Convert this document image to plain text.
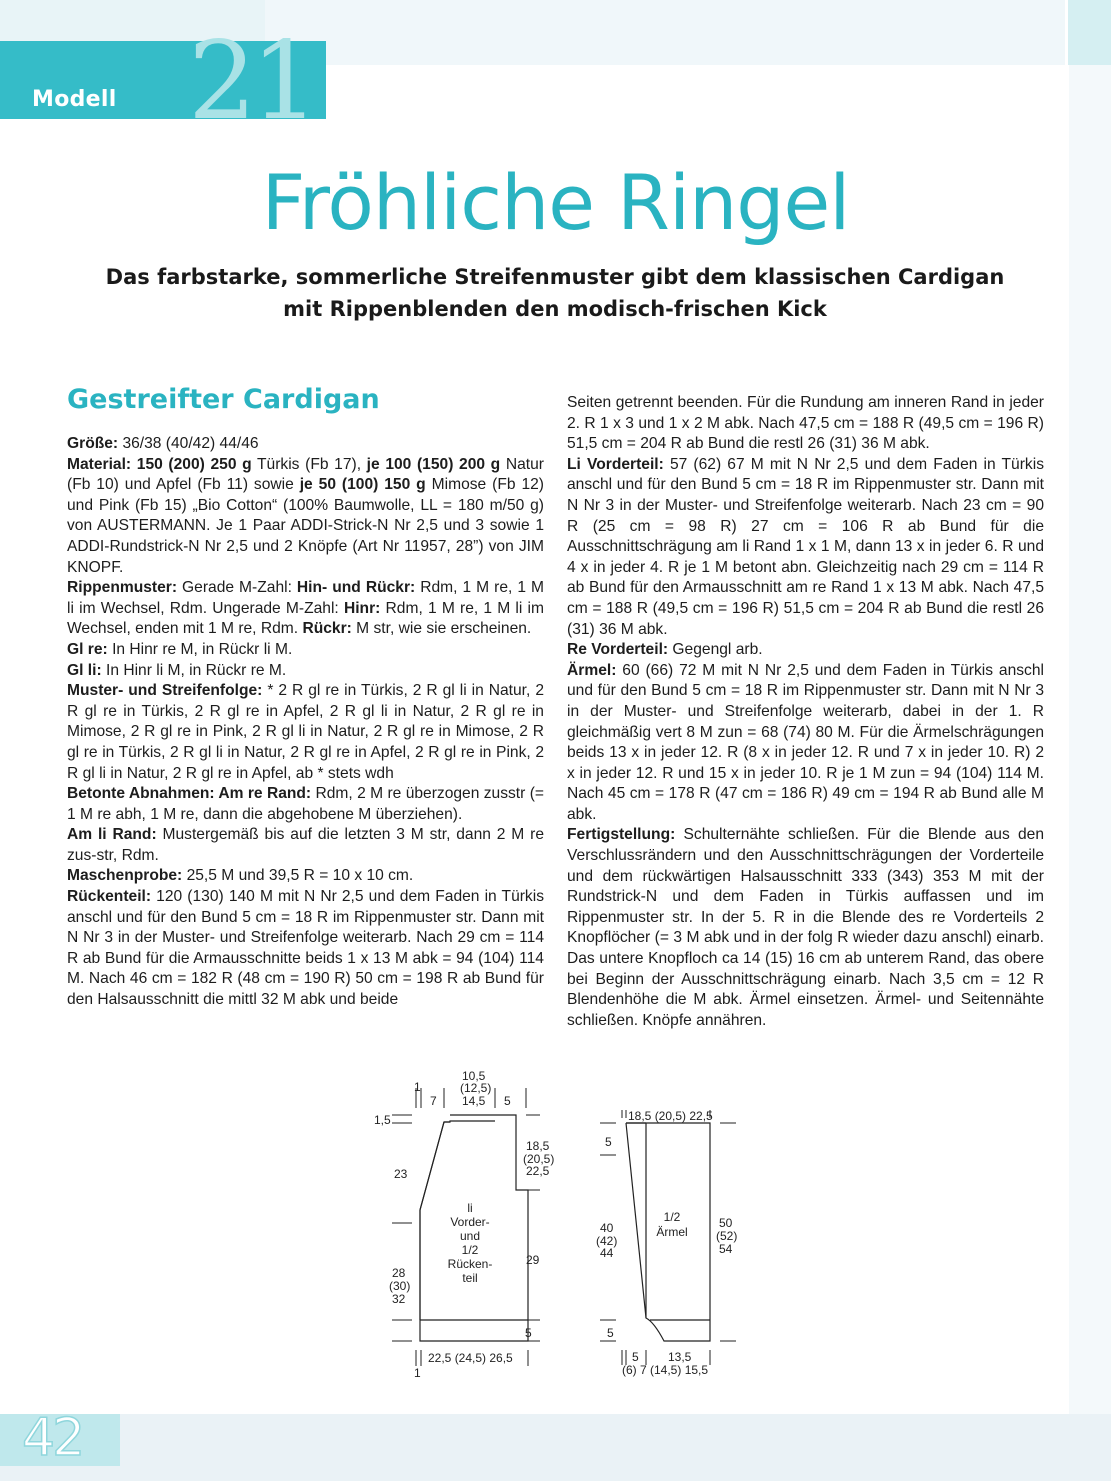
21
Modell
Fröhliche Ringel
Das farbstarke, sommerliche Streifenmuster gibt dem klassischen Cardigan
mit Rippenblenden den modisch-frischen Kick
Gestreifter Cardigan

Größe: 36/38 (40/42) 44/46

Material: 150 (200) 250 g Türkis (Fb 17), je 100 (150) 200 g Natur (Fb 10) und Apfel (Fb 11) sowie je 50 (100) 150 g Mimose (Fb 12) und Pink (Fb 15) „Bio Cotton“ (100% Baumwolle, LL = 180 m/50 g) von AUSTERMANN. Je 1 Paar ADDI-Strick-N Nr 2,5 und 3 sowie 1 ADDI-Rundstrick-N Nr 2,5 und 2 Knöpfe (Art Nr 11957, 28”) von JIM KNOPF.

Rippenmuster: Gerade M-Zahl: Hin- und Rückr: Rdm, 1 M re, 1 M li im Wechsel, Rdm. Ungerade M-Zahl: Hinr: Rdm, 1 M re, 1 M li im Wechsel, enden mit 1 M re, Rdm. Rückr: M str, wie sie erscheinen.

Gl re: In Hinr re M, in Rückr li M.

Gl li: In Hinr li M, in Rückr re M.

Muster- und Streifenfolge: * 2 R gl re in Türkis, 2 R gl li in Natur, 2 R gl re in Türkis, 2 R gl re in Apfel, 2 R gl li in Natur, 2 R gl re in Mimose, 2 R gl re in Pink, 2 R gl li in Natur, 2 R gl re in Mimose, 2 R gl re in Türkis, 2 R gl li in Natur, 2 R gl re in Apfel, 2 R gl re in Pink, 2 R gl li in Natur, 2 R gl re in Apfel, ab * stets wdh

Betonte Abnahmen: Am re Rand: Rdm, 2 M re überzogen zusstr (= 1 M re abh, 1 M re, dann die abgehobene M überziehen).

Am li Rand: Mustergemäß bis auf die letzten 3 M str, dann 2 M re zus-str, Rdm.

Maschenprobe: 25,5 M und 39,5 R = 10 x 10 cm.

Rückenteil: 120 (130) 140 M mit N Nr 2,5 und dem Faden in Türkis anschl und für den Bund 5 cm = 18 R im Rippenmuster str. Dann mit N Nr 3 in der Muster- und Streifenfolge weiterarb. Nach 29 cm = 114 R ab Bund für die Armausschnitte beids 1 x 13 M abk = 94 (104) 114 M. Nach 46 cm = 182 R (48 cm = 190 R) 50 cm = 198 R ab Bund für den Halsausschnitt die mittl 32 M abk und beide

Seiten getrennt beenden. Für die Rundung am inneren Rand in jeder 2. R 1 x 3 und 1 x 2 M abk. Nach 47,5 cm = 188 R (49,5 cm = 196 R) 51,5 cm = 204 R ab Bund die restl 26 (31) 36 M abk.

Li Vorderteil: 57 (62) 67 M mit N Nr 2,5 und dem Faden in Türkis anschl und für den Bund 5 cm = 18 R im Rippenmuster str. Dann mit N Nr 3 in der Muster- und Streifenfolge weiterarb. Nach 23 cm = 90 R (25 cm = 98 R) 27 cm = 106 R ab Bund für die Ausschnittschrägung am li Rand 1 x 1 M, dann 13 x in jeder 6. R und 4 x in jeder 4. R je 1 M betont abn. Gleichzeitig nach 29 cm = 114 R ab Bund für den Armausschnitt am re Rand 1 x 13 M abk. Nach 47,5 cm = 188 R (49,5 cm = 196 R) 51,5 cm = 204 R ab Bund die restl 26 (31) 36 M abk.

Re Vorderteil: Gegengl arb.

Ärmel: 60 (66) 72 M mit N Nr 2,5 und dem Faden in Türkis anschl und für den Bund 5 cm = 18 R im Rippenmuster str. Dann mit N Nr 3 in der Muster- und Streifenfolge weiterarb, dabei in der 1. R gleichmäßig vert 8 M zun = 68 (74) 80 M. Für die Ärmelschrägungen beids 13 x in jeder 12. R (8 x in jeder 12. R und 7 x in jeder 10. R) 2 x in jeder 12. R und 15 x in jeder 10. R je 1 M zun = 94 (104) 114 M. Nach 45 cm = 178 R (47 cm = 186 R) 49 cm = 194 R ab Bund alle M abk.

Fertigstellung: Schulternähte schließen. Für die Blende aus den Verschlussrändern und den Ausschnittschrägungen der Vorderteile und dem rückwärtigen Halsausschnitt 333 (343) 353 M mit der Rundstrick-N und dem Faden in Türkis auffassen und im Rippenmuster str. In der 5. R in die Blende des re Vorderteils 2 Knopflöcher (= 3 M abk und in der folg R wieder dazu anschl) einarb. Das untere Knopfloch ca 14 (15) 16 cm ab unterem Rand, das obere bei Beginn der Ausschnittschrägung einarb. Nach 3,5 cm = 12 R Blendenhöhe die M abk. Ärmel einsetzen. Ärmel- und Seitennähte schließen. Knöpfe annähren.

10,5
(12,5)
14,5
1
7	5
1,5
23
28
(30)
32
18,5
(20,5)
22,5
29
5
li
Vorder-
und
1/2
Rücken-
teil
22,5 (24,5) 26,5
1
18,5 (20,5) 22,5
5
40
(42)
44
5
50
(52)
54
1/2
Ärmel
5 13,5
(6) 7 (14,5) 15,5
42
